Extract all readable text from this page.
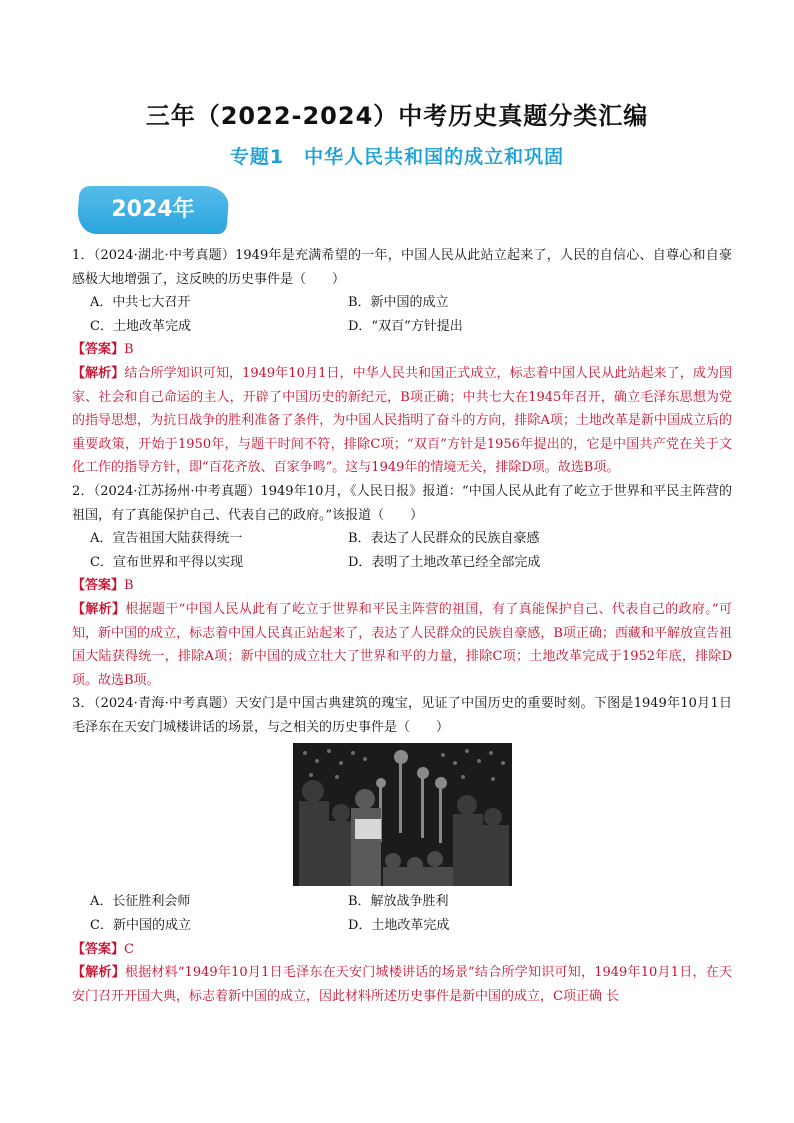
三年（2022-2024）中考历史真题分类汇编
专题1　中华人民共和国的成立和巩固
2024年

1．（2024·湖北·中考真题）1949年是充满希望的一年，中国人民从此站立起来了，人民的自信心、自尊心和自豪感极大地增强了，这反映的历史事件是（　　）

A．中共七大召开	B．新中国的成立
C．土地改革完成	D．“双百”方针提出
【答案】B

【解析】结合所学知识可知，1949年10月1日，中华人民共和国正式成立，标志着中国人民从此站起来了，成为国家、社会和自己命运的主人，开辟了中国历史的新纪元，B项正确；中共七大在1945年召开，确立毛泽东思想为党的指导思想，为抗日战争的胜利准备了条件，为中国人民指明了奋斗的方向，排除A项；土地改革是新中国成立后的重要政策，开始于1950年，与题干时间不符，排除C项；“双百”方针是1956年提出的，它是中国共产党在关于文化工作的指导方针，即“百花齐放、百家争鸣”。这与1949年的情境无关，排除D项。故选B项。

2．（2024·江苏扬州·中考真题）1949年10月，《人民日报》报道：“中国人民从此有了屹立于世界和平民主阵营的祖国，有了真能保护自己、代表自己的政府。”该报道（　　）

A．宣告祖国大陆获得统一	B．表达了人民群众的民族自豪感
C．宣布世界和平得以实现	D．表明了土地改革已经全部完成
【答案】B

【解析】根据题干“中国人民从此有了屹立于世界和平民主阵营的祖国，有了真能保护自己、代表自己的政府。”可知，新中国的成立，标志着中国人民真正站起来了，表达了人民群众的民族自豪感，B项正确；西藏和平解放宣告祖国大陆获得统一，排除A项；新中国的成立壮大了世界和平的力量，排除C项；土地改革完成于1952年底，排除D项。故选B项。

3．（2024·青海·中考真题）天安门是中国古典建筑的瑰宝，见证了中国历史的重要时刻。下图是1949年10月1日毛泽东在天安门城楼讲话的场景，与之相关的历史事件是（　　）

A．长征胜利会师	B．解放战争胜利
C．新中国的成立	D．土地改革完成
【答案】C

【解析】根据材料“1949年10月1日毛泽东在天安门城楼讲话的场景”结合所学知识可知，1949年10月1日，在天安门召开开国大典，标志着新中国的成立，因此材料所述历史事件是新中国的成立，C项正确 长
